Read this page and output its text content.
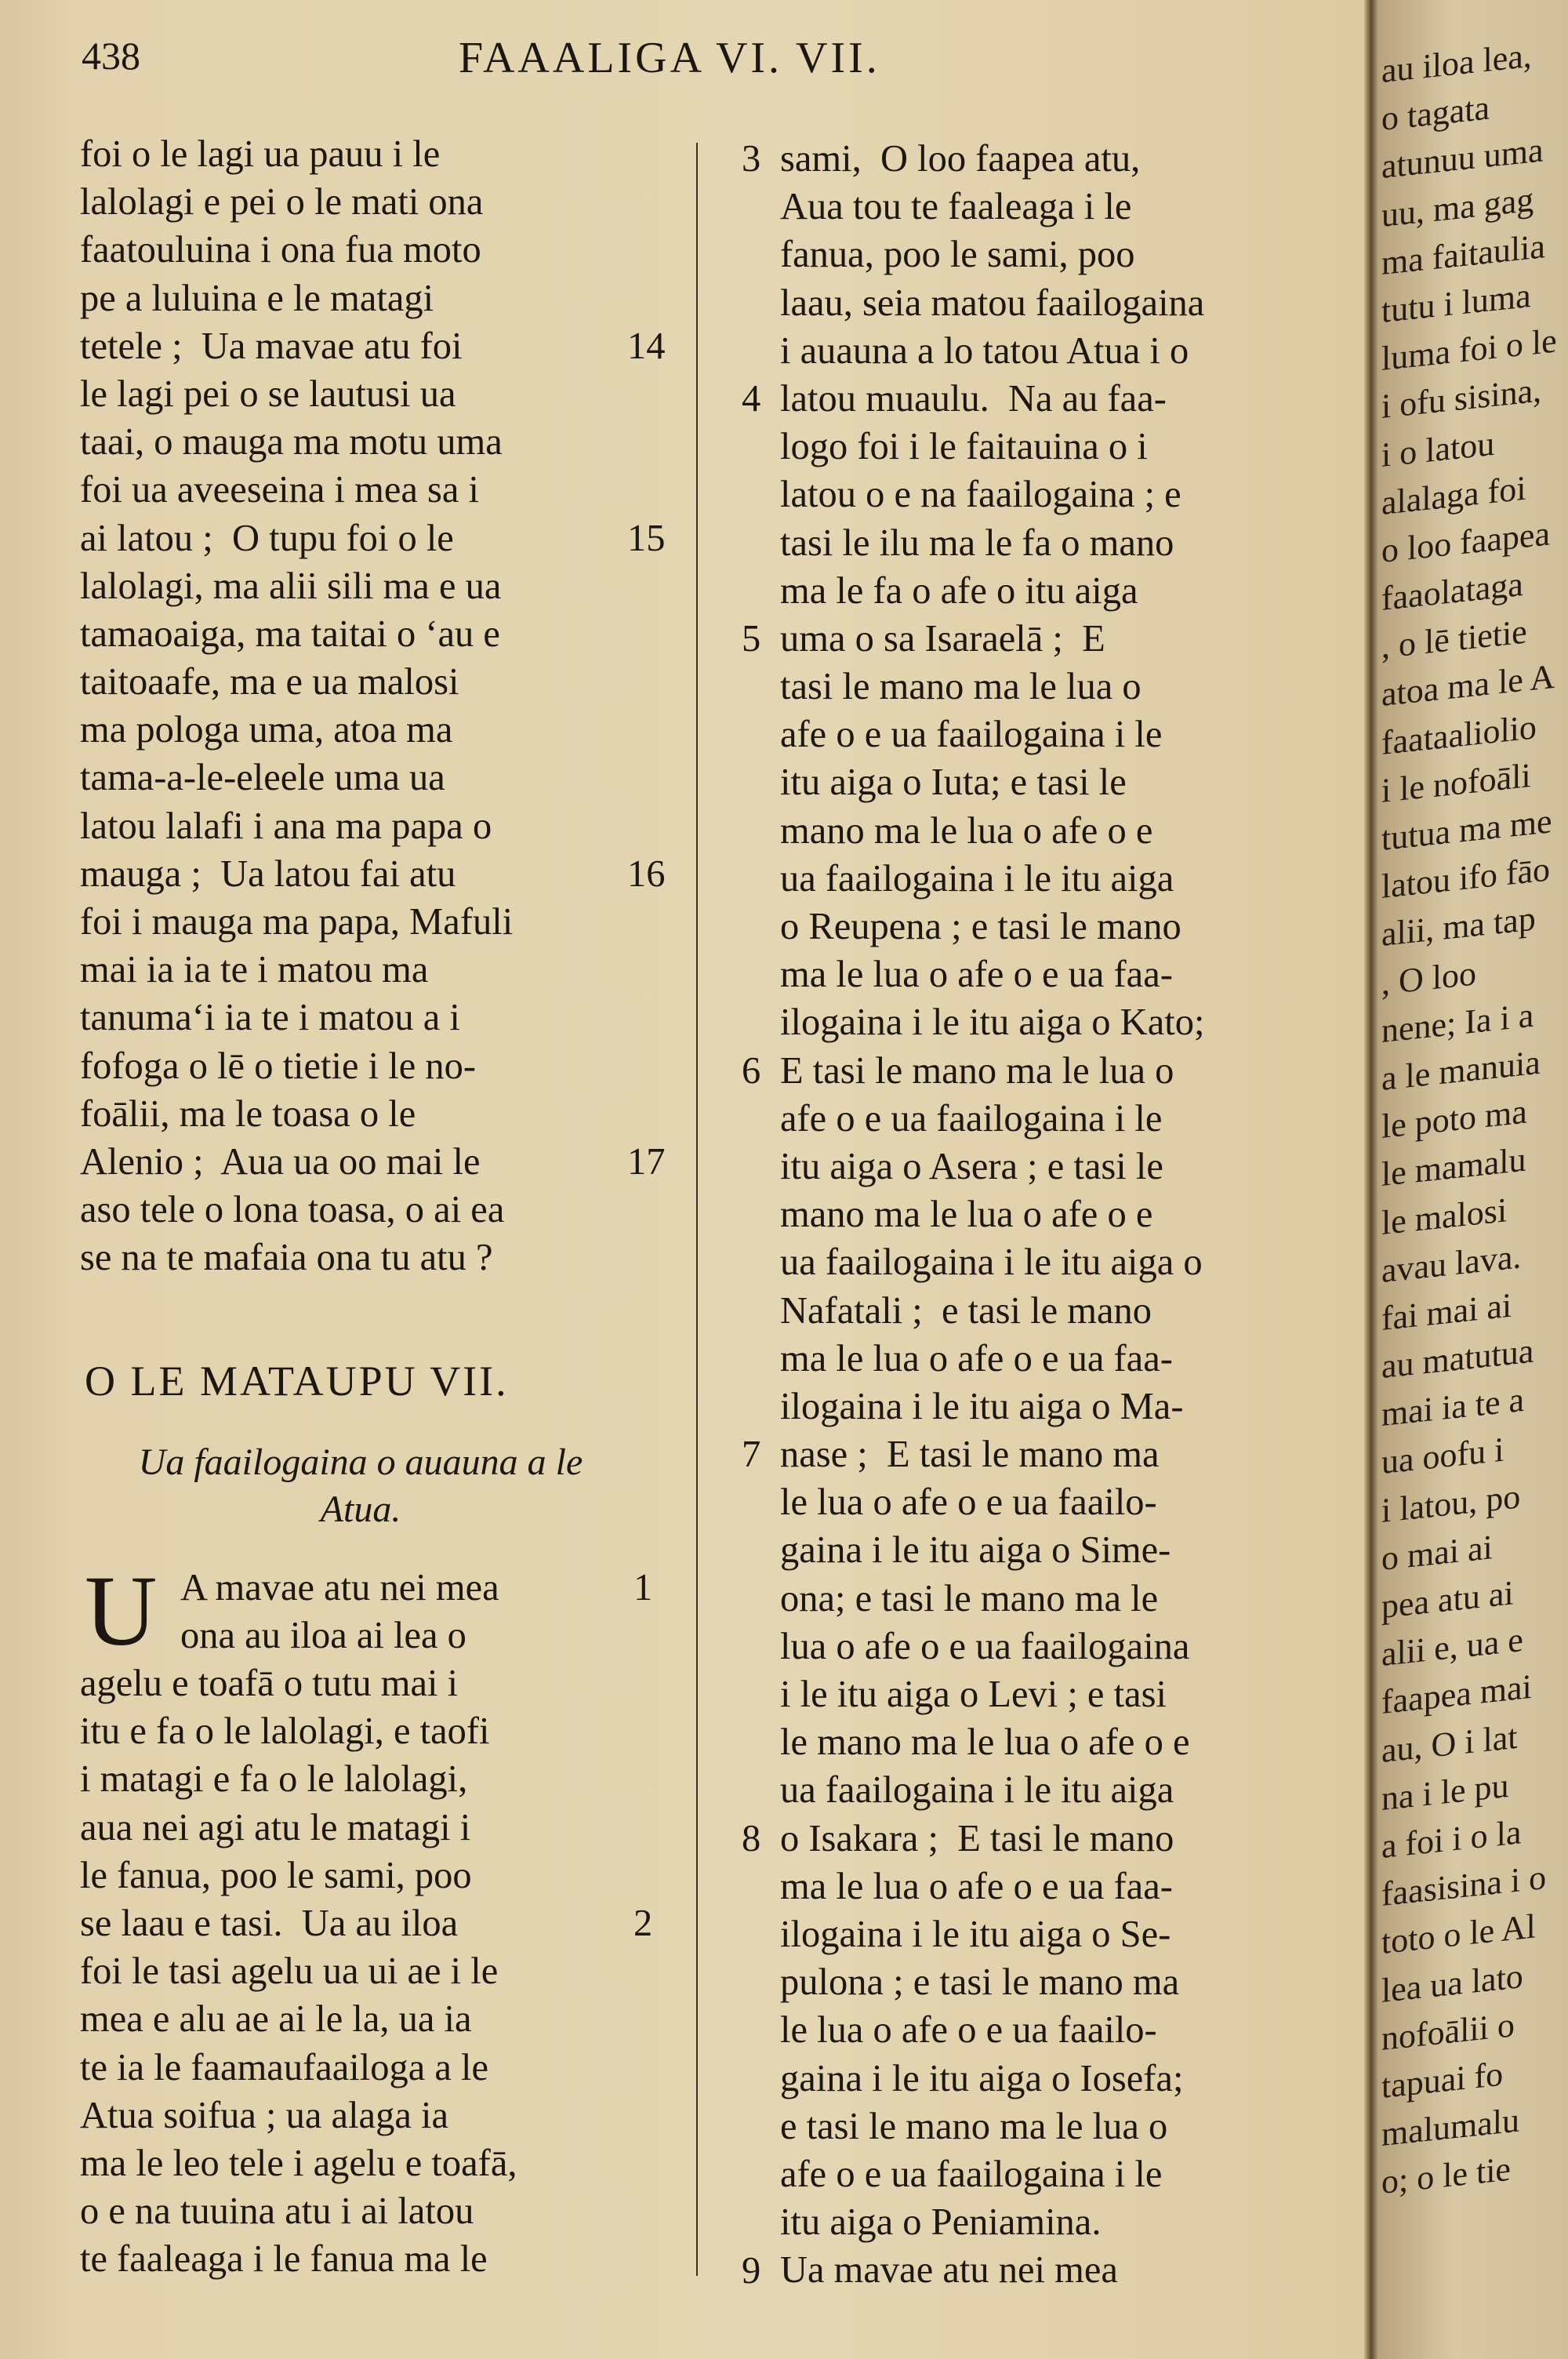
438	FAAALIGA VI. VII.
foi o le lagi ua pauu i le
lalolagi e pei o le mati ona
faatouluina i ona fua moto
pe a luluina e le matagi
tetele ;  Ua mavae atu foi
le lagi pei o se lautusi ua
taai, o mauga ma motu uma
foi ua aveeseina i mea sa i
ai latou ;  O tupu foi o le
lalolagi, ma alii sili ma e ua
tamaoaiga, ma taitai o ‘au e
taitoaafe, ma e ua malosi
ma pologa uma, atoa ma
tama-a-le-eleele uma ua
latou lalafi i ana ma papa o
mauga ;  Ua latou fai atu
foi i mauga ma papa, Mafuli
mai ia ia te i matou ma
tanuma‘i ia te i matou a i
fofoga o lē o tietie i le no-
foālii, ma le toasa o le
Alenio ;  Aua ua oo mai le
aso tele o lona toasa, o ai ea
se na te mafaia ona tu atu ?
14
15
16
17
O LE MATAUPU VII.
Ua faailogaina o auauna a le Atua.
U A mavae atu nei mea
ona au iloa ai lea o
agelu e toafā o tutu mai i
itu e fa o le lalolagi, e taofi
i matagi e fa o le lalolagi,
aua nei agi atu le matagi i
le fanua, poo le sami, poo
se laau e tasi.  Ua au iloa
foi le tasi agelu ua ui ae i le
mea e alu ae ai le la, ua ia
te ia le faamaufaailoga a le
Atua soifua ; ua alaga ia
ma le leo tele i agelu e toafā,
o e na tuuina atu i ai latou
te faaleaga i le fanua ma le
1
2
sami,  O loo faapea atu,
Aua tou te faaleaga i le
fanua, poo le sami, poo
laau, seia matou faailogaina
i auauna a lo tatou Atua i o
latou muaulu.  Na au faa-
logo foi i le faitauina o i
latou o e na faailogaina ; e
tasi le ilu ma le fa o mano
ma le fa o afe o itu aiga
uma o sa Isaraelā ;  E
tasi le mano ma le lua o
afe o e ua faailogaina i le
itu aiga o Iuta; e tasi le
mano ma le lua o afe o e
ua faailogaina i le itu aiga
o Reupena ; e tasi le mano
ma le lua o afe o e ua faa-
ilogaina i le itu aiga o Kato;
E tasi le mano ma le lua o
afe o e ua faailogaina i le
itu aiga o Asera ; e tasi le
mano ma le lua o afe o e
ua faailogaina i le itu aiga o
Nafatali ;  e tasi le mano
ma le lua o afe o e ua faa-
ilogaina i le itu aiga o Ma-
nase ;  E tasi le mano ma
le lua o afe o e ua faailo-
gaina i le itu aiga o Sime-
ona; e tasi le mano ma le
lua o afe o e ua faailogaina
i le itu aiga o Levi ; e tasi
le mano ma le lua o afe o e
ua faailogaina i le itu aiga
o Isakara ;  E tasi le mano
ma le lua o afe o e ua faa-
ilogaina i le itu aiga o Se-
pulona ; e tasi le mano ma
le lua o afe o e ua faailo-
gaina i le itu aiga o Iosefa;
e tasi le mano ma le lua o
afe o e ua faailogaina i le
itu aiga o Peniamina.
Ua mavae atu nei mea
3
4
5
6
7
8
9
au iloa lea,
o tagata
atunuu uma
uu, ma gag
ma faitaulia
tutu i luma
luma foi o le
i ofu sisina,
i o latou
alalaga foi
o loo faapea
faaolataga
, o lē tietie
atoa ma le A
faataaliolio
i le nofoāli
tutua ma me
latou ifo fāo
alii, ma tap
, O loo
nene; Ia i a
a le manuia
le poto ma
le mamalu
le malosi
avau lava.
fai mai ai
au matutua
mai ia te a
ua oofu i
i latou, po
o mai ai
pea atu ai
alii e, ua e
faapea mai
au, O i lat
na i le pu
a foi i o la
faasisina i o
toto o le Al
lea ua lato
nofoālii o
tapuai fo
malumalu
o; o le tie
